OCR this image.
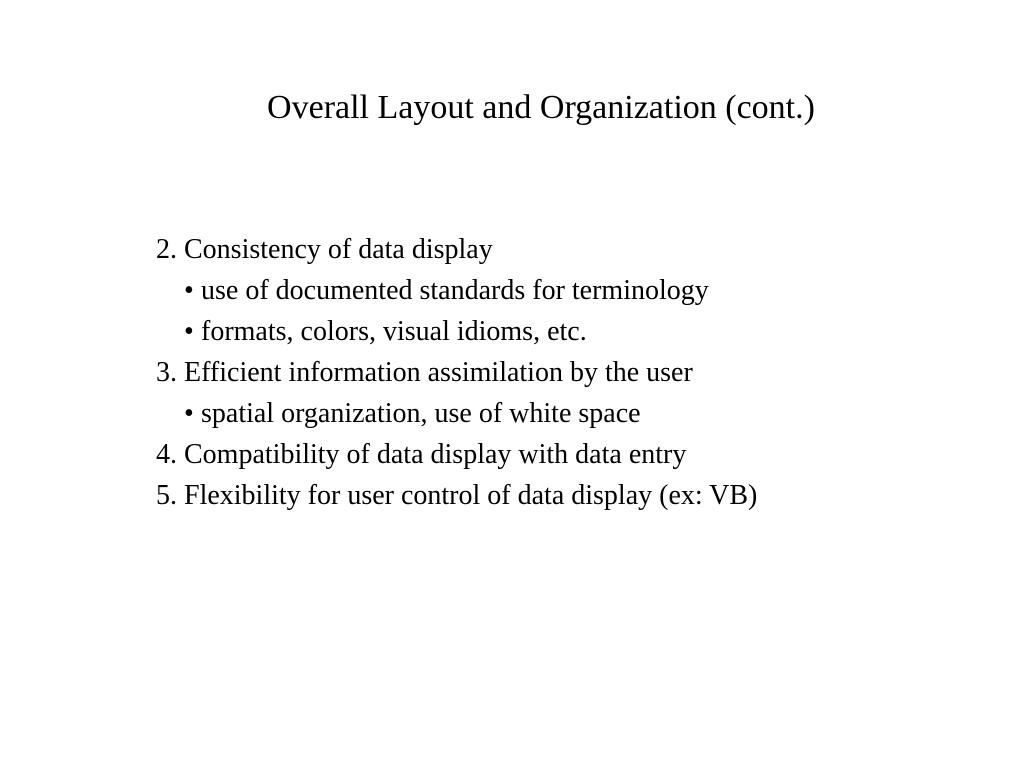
Overall Layout and Organization (cont.)
2. Consistency of data display
• use of documented standards for terminology
• formats, colors, visual idioms, etc.
3. Efficient information assimilation by the user
• spatial organization, use of white space
4. Compatibility of data display with data entry
5. Flexibility for user control of data display (ex: VB)
